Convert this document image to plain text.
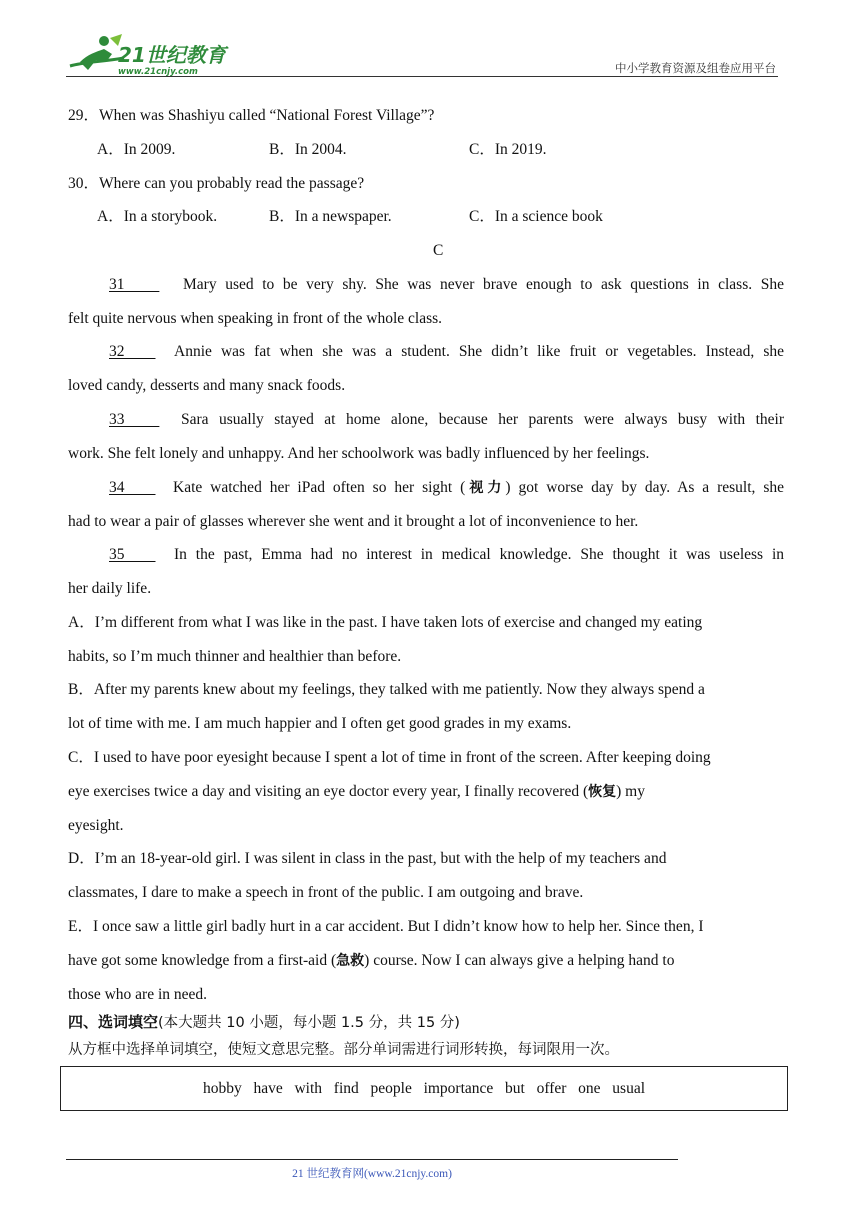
21世纪教育
www.21cnjy.com	中小学教育资源及组卷应用平台
29．When was Shashiyu called “National Forest Village”?
A．In 2009.	B．In 2004.	C．In 2019.
30．Where can you probably read the passage?
A．In a storybook.	B．In a newspaper.	C．In a science book
C
31	Mary used to be very shy. She was never brave enough to ask questions in class. She
felt quite nervous when speaking in front of the whole class.
32	Annie was fat when she was a student. She didn’t like fruit or vegetables. Instead, she
loved candy, desserts and many snack foods.
33	Sara usually stayed at home alone, because her parents were always busy with their
work. She felt lonely and unhappy. And her schoolwork was badly influenced by her feelings.
34	Kate watched her iPad often so her sight (视力) got worse day by day. As a result, she
had to wear a pair of glasses wherever she went and it brought a lot of inconvenience to her.
35	In the past, Emma had no interest in medical knowledge. She thought it was useless in
her daily life.
A．I’m different from what I was like in the past. I have taken lots of exercise and changed my eating
habits, so I’m much thinner and healthier than before.
B．After my parents knew about my feelings, they talked with me patiently. Now they always spend a
lot of time with me. I am much happier and I often get good grades in my exams.
C．I used to have poor eyesight because I spent a lot of time in front of the screen. After keeping doing
eye exercises twice a day and visiting an eye doctor every year, I finally recovered (恢复) my
eyesight.
D．I’m an 18-year-old girl. I was silent in class in the past, but with the help of my teachers and
classmates, I dare to make a speech in front of the public. I am outgoing and brave.
E．I once saw a little girl badly hurt in a car accident. But I didn’t know how to help her. Since then, I
have got some knowledge from a first-aid (急救) course. Now I can always give a helping hand to
those who are in need.
四、选词填空(本大题共 10 小题，每小题 1.5 分，共 15 分)
从方框中选择单词填空，使短文意思完整。部分单词需进行词形转换，每词限用一次。
hobby  have  with  find  people  importance  but  offer  one  usual
21 世纪教育网(www.21cnjy.com)
